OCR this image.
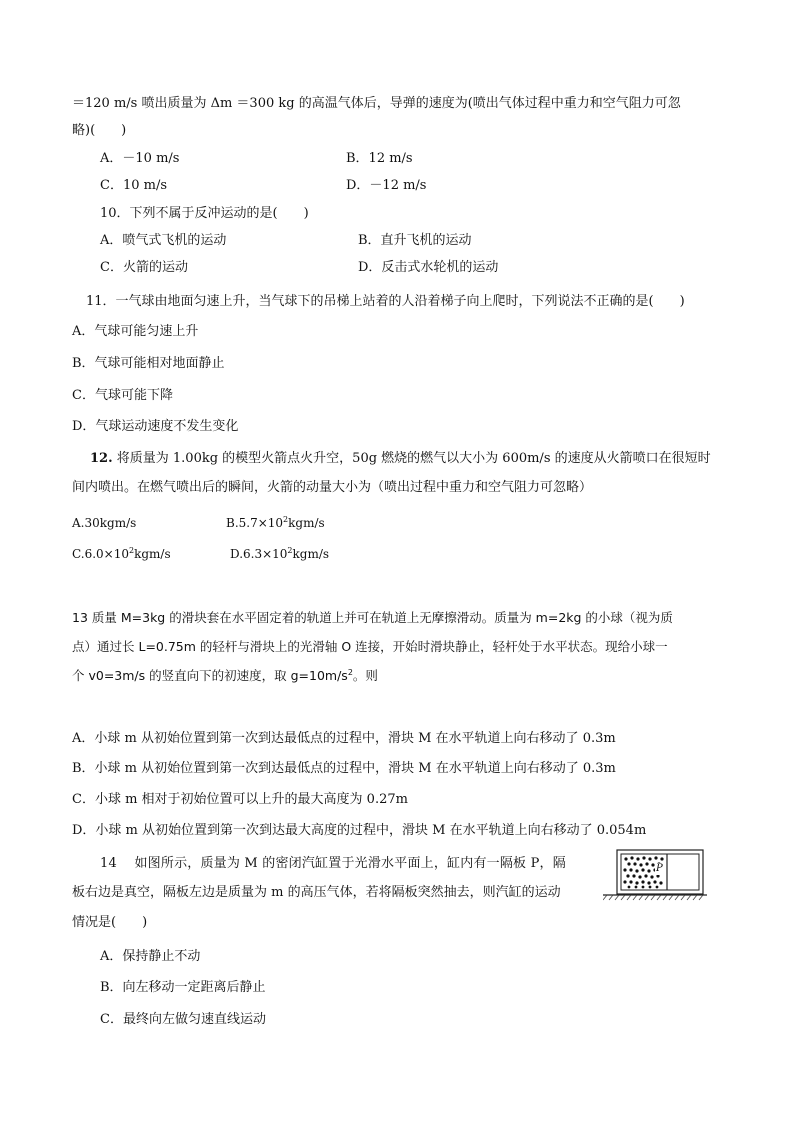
＝120 m/s 喷出质量为 Δm ＝300 kg 的高温气体后，导弹的速度为(喷出气体过程中重力和空气阻力可忽
略)(　　)
A．－10 m/s	B．12 m/s
C．10 m/s	D．－12 m/s
10．下列不属于反冲运动的是(　　)
A．喷气式飞机的运动	B．直升飞机的运动
C．火箭的运动	D．反击式水轮机的运动
11．一气球由地面匀速上升，当气球下的吊梯上站着的人沿着梯子向上爬时，下列说法不正确的是(　　)
A．气球可能匀速上升
B．气球可能相对地面静止
C．气球可能下降
D．气球运动速度不发生变化
12. 将质量为 1.00kg 的模型火箭点火升空，50g 燃烧的燃气以大小为 600m/s 的速度从火箭喷口在很短时
间内喷出。在燃气喷出后的瞬间，火箭的动量大小为（喷出过程中重力和空气阻力可忽略）
A.30kgm/s	$B.5.7\times 10^2kgm/s$
$C.6.0\times 10^2kgm/s$	$D.6.3\times 10^2kgm/s$
13 质量 M=3kg 的滑块套在水平固定着的轨道上并可在轨道上无摩擦滑动。质量为 m=2kg 的小球（视为质
点）通过长 L=0.75m 的轻杆与滑块上的光滑轴 O 连接，开始时滑块静止，轻杆处于水平状态。现给小球一
个 v0=3m/s 的竖直向下的初速度，取 $g=10m/s^2$。则
A．小球 m 从初始位置到第一次到达最低点的过程中，滑块 M 在水平轨道上向右移动了 0.3m
B．小球 m 从初始位置到第一次到达最低点的过程中，滑块 M 在水平轨道上向右移动了 0.3m
C．小球 m 相对于初始位置可以上升的最大高度为 0.27m
D．小球 m 从初始位置到第一次到达最大高度的过程中，滑块 M 在水平轨道上向右移动了 0.054m
14　 如图所示，质量为 M 的密闭汽缸置于光滑水平面上，缸内有一隔板 P，隔
板右边是真空，隔板左边是质量为 m 的高压气体，若将隔板突然抽去，则汽缸的运动
情况是(　　)
P
A．保持静止不动
B．向左移动一定距离后静止
C．最终向左做匀速直线运动
